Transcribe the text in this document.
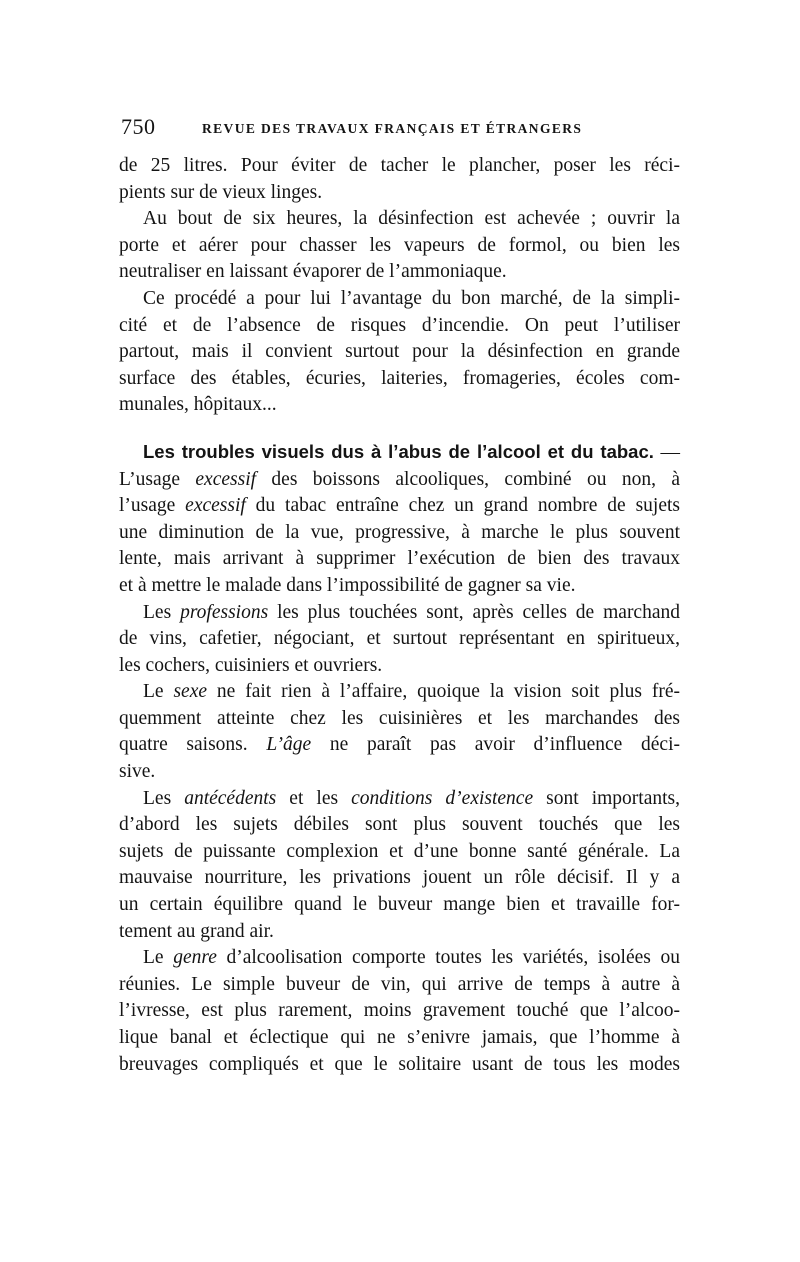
750	REVUE DES TRAVAUX FRANÇAIS ET ÉTRANGERS
de 25 litres. Pour éviter de tacher le plancher, poser les réci-
pients sur de vieux linges.
Au bout de six heures, la désinfection est achevée ; ouvrir la
porte et aérer pour chasser les vapeurs de formol, ou bien les
neutraliser en laissant évaporer de l’ammoniaque.
Ce procédé a pour lui l’avantage du bon marché, de la simpli-
cité et de l’absence de risques d’incendie. On peut l’utiliser
partout, mais il convient surtout pour la désinfection en grande
surface des étables, écuries, laiteries, fromageries, écoles com-
munales, hôpitaux...
Les troubles visuels dus à l’abus de l’alcool et du tabac. —
L’usage excessif des boissons alcooliques, combiné ou non, à
l’usage excessif du tabac entraîne chez un grand nombre de sujets
une diminution de la vue, progressive, à marche le plus souvent
lente, mais arrivant à supprimer l’exécution de bien des travaux
et à mettre le malade dans l’impossibilité de gagner sa vie.
Les professions les plus touchées sont, après celles de marchand
de vins, cafetier, négociant, et surtout représentant en spiritueux,
les cochers, cuisiniers et ouvriers.
Le sexe ne fait rien à l’affaire, quoique la vision soit plus fré-
quemment atteinte chez les cuisinières et les marchandes des
quatre saisons. L’âge ne paraît pas avoir d’influence déci-
sive.
Les antécédents et les conditions d’existence sont importants,
d’abord les sujets débiles sont plus souvent touchés que les
sujets de puissante complexion et d’une bonne santé générale. La
mauvaise nourriture, les privations jouent un rôle décisif. Il y a
un certain équilibre quand le buveur mange bien et travaille for-
tement au grand air.
Le genre d’alcoolisation comporte toutes les variétés, isolées ou
réunies. Le simple buveur de vin, qui arrive de temps à autre à
l’ivresse, est plus rarement, moins gravement touché que l’alcoo-
lique banal et éclectique qui ne s’enivre jamais, que l’homme à
breuvages compliqués et que le solitaire usant de tous les modes
